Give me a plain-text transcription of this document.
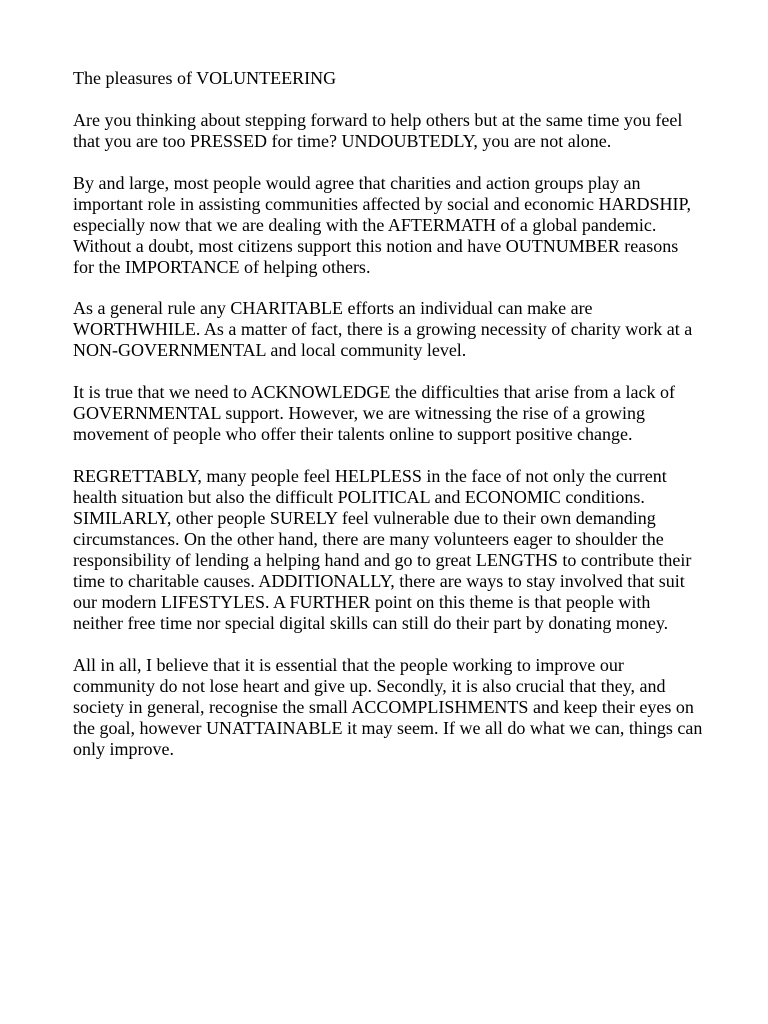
The pleasures of VOLUNTEERING
Are you thinking about stepping forward to help others but at the same time you feel that you are too PRESSED for time? UNDOUBTEDLY, you are not alone.
By and large, most people would agree that charities and action groups play an important role in assisting communities affected by social and economic HARDSHIP, especially now that we are dealing with the AFTERMATH of a global pandemic. Without a doubt, most citizens support this notion and have OUTNUMBER reasons for the IMPORTANCE of helping others.
As a general rule any CHARITABLE efforts an individual can make are WORTHWHILE. As a matter of fact, there is a growing necessity of charity work at a NON-GOVERNMENTAL and local community level.
It is true that we need to ACKNOWLEDGE the difficulties that arise from a lack of GOVERNMENTAL support. However, we are witnessing the rise of a growing movement of people who offer their talents online to support positive change.
REGRETTABLY, many people feel HELPLESS in the face of not only the current health situation but also the difficult POLITICAL and ECONOMIC conditions. SIMILARLY, other people SURELY feel vulnerable due to their own demanding circumstances. On the other hand, there are many volunteers eager to shoulder the responsibility of lending a helping hand and go to great LENGTHS to contribute their time to charitable causes. ADDITIONALLY, there are ways to stay involved that suit our modern LIFESTYLES. A FURTHER point on this theme is that people with neither free time nor special digital skills can still do their part by donating money.
All in all, I believe that it is essential that the people working to improve our community do not lose heart and give up. Secondly, it is also crucial that they, and society in general, recognise the small ACCOMPLISHMENTS and keep their eyes on the goal, however UNATTAINABLE it may seem. If we all do what we can, things can only improve.
